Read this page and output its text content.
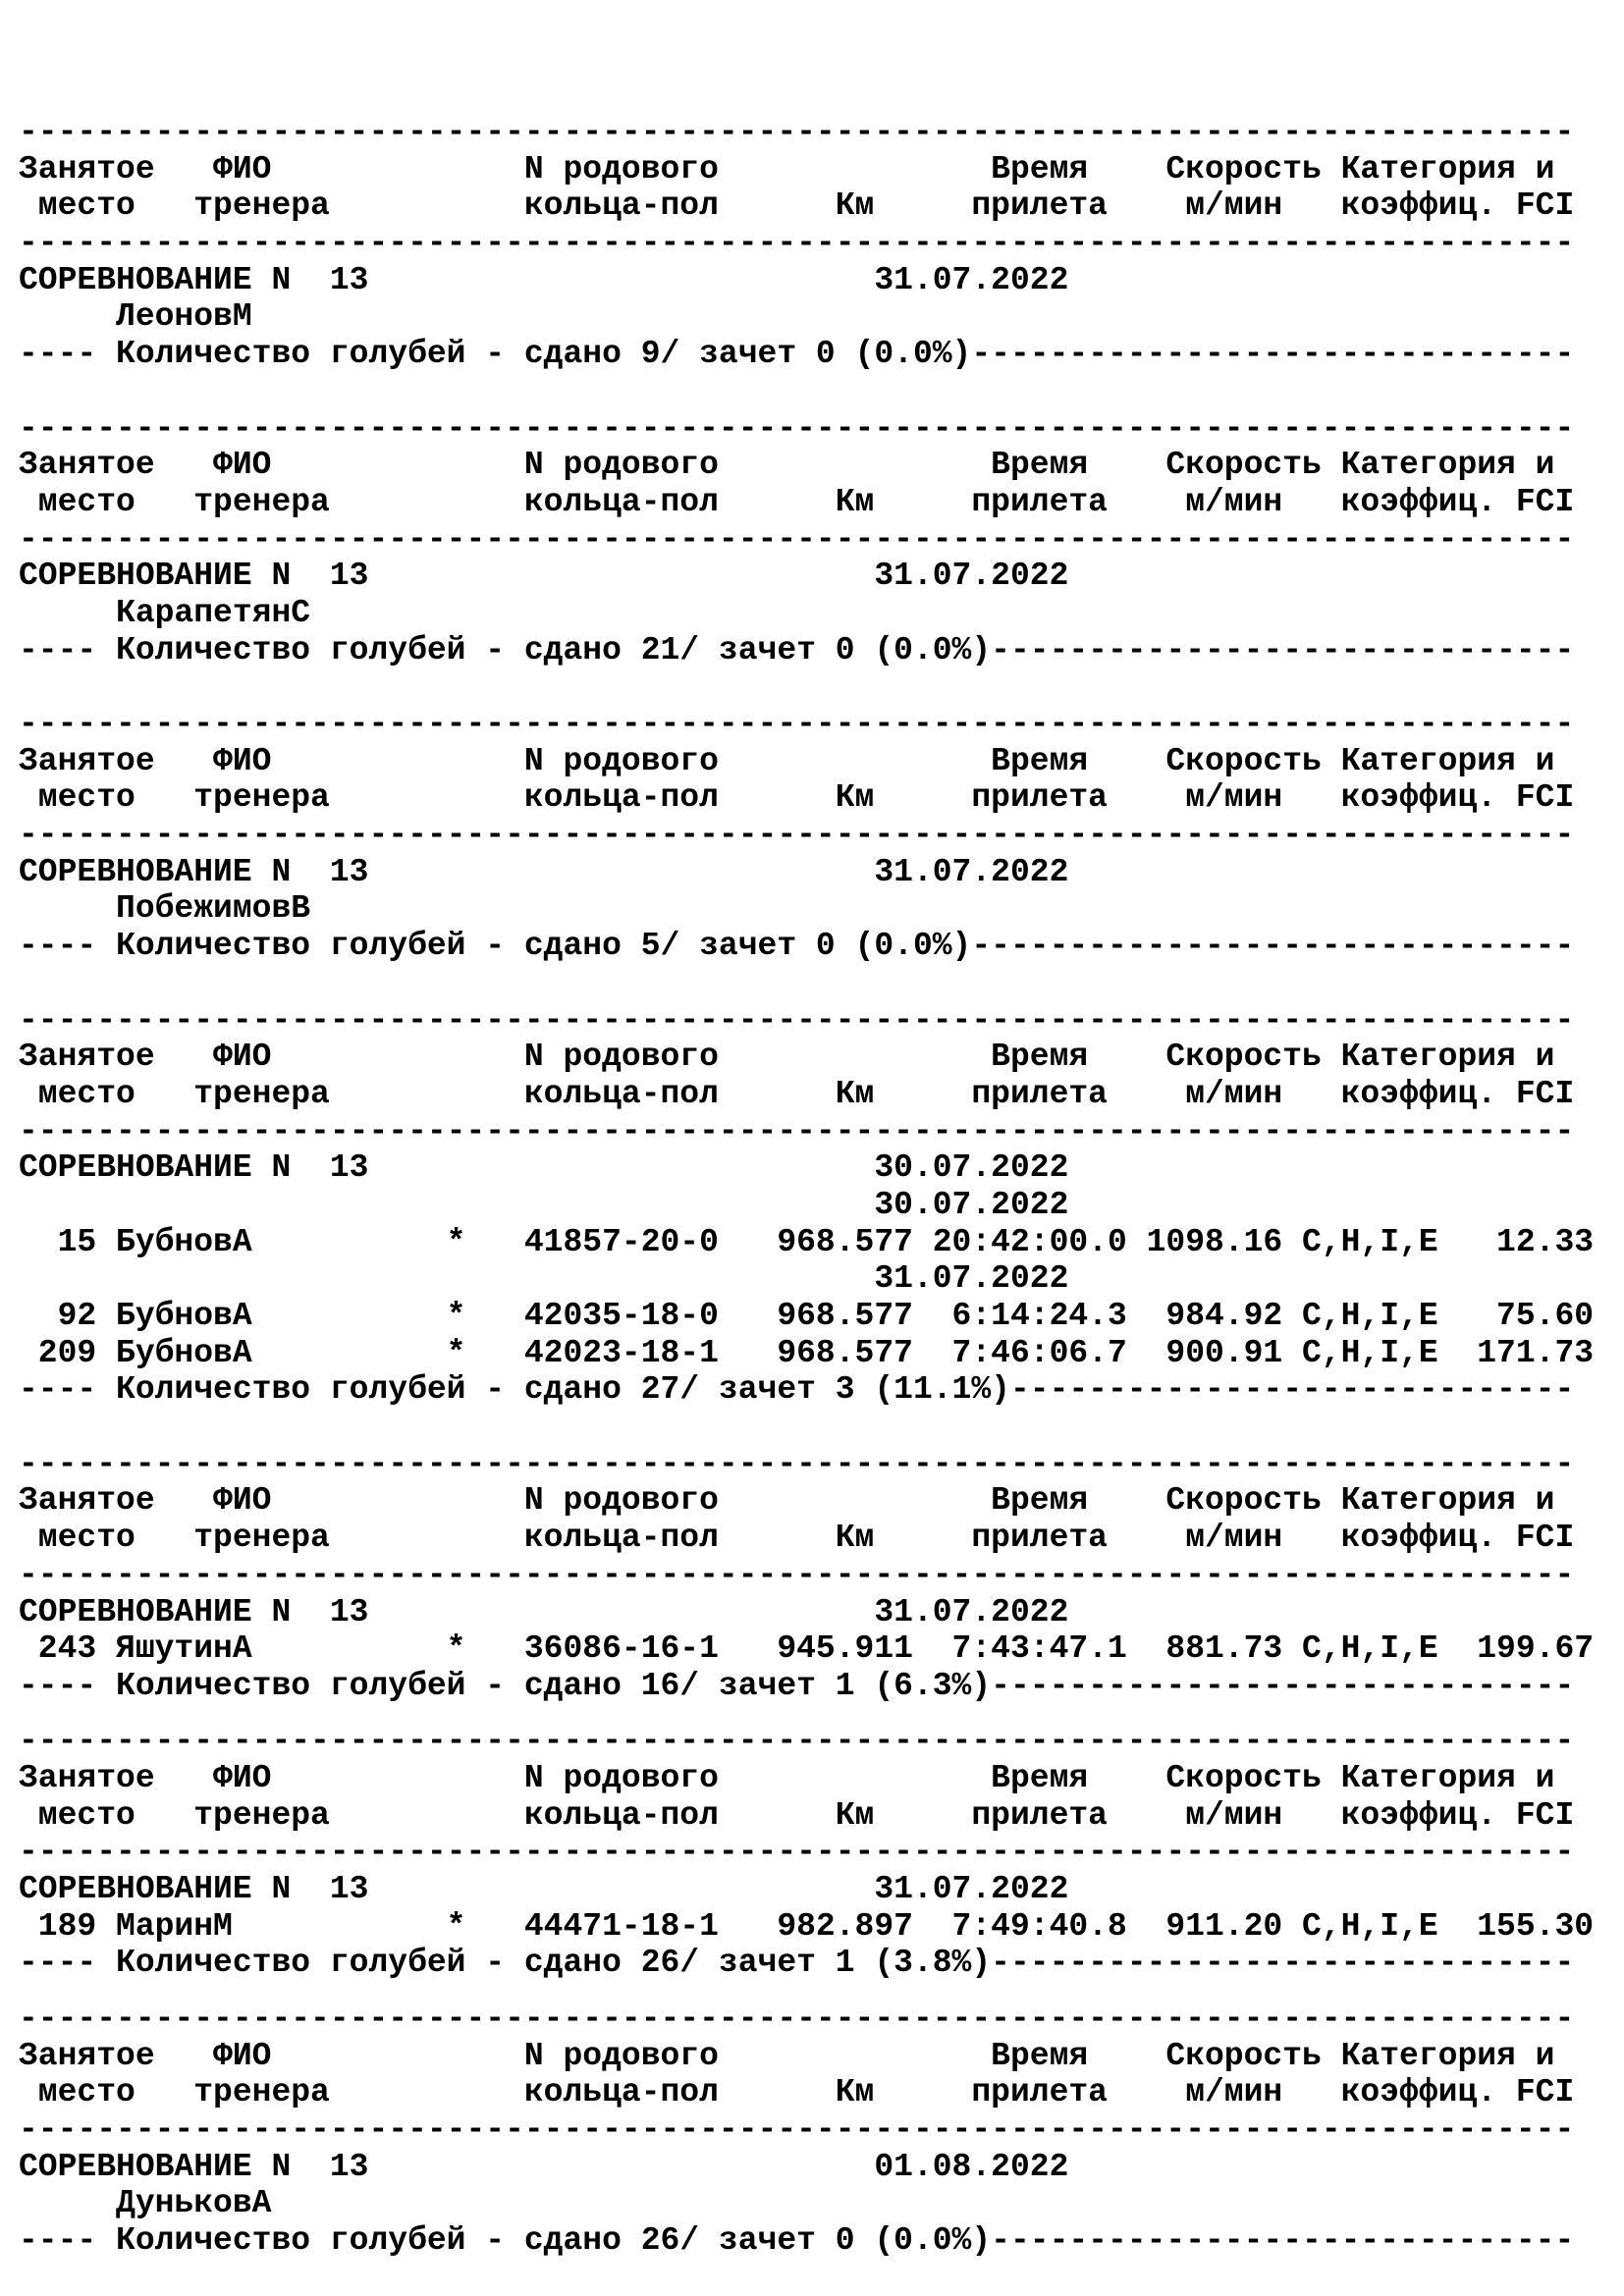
--------------------------------------------------------------------------------
Занятое   ФИО             N родового              Время    Скорость Категория и
место   тренера          кольца-пол      Км     прилета    м/мин   коэффиц. FCI
--------------------------------------------------------------------------------
СОРЕВНОВАНИЕ N  13                          31.07.2022
ЛеоновМ
---- Количество голубей - сдано 9/ зачет 0 (0.0%)-------------------------------
--------------------------------------------------------------------------------
Занятое   ФИО             N родового              Время    Скорость Категория и
место   тренера          кольца-пол      Км     прилета    м/мин   коэффиц. FCI
--------------------------------------------------------------------------------
СОРЕВНОВАНИЕ N  13                          31.07.2022
КарапетянС
---- Количество голубей - сдано 21/ зачет 0 (0.0%)------------------------------
--------------------------------------------------------------------------------
Занятое   ФИО             N родового              Время    Скорость Категория и
место   тренера          кольца-пол      Км     прилета    м/мин   коэффиц. FCI
--------------------------------------------------------------------------------
СОРЕВНОВАНИЕ N  13                          31.07.2022
ПобежимовВ
---- Количество голубей - сдано 5/ зачет 0 (0.0%)-------------------------------
--------------------------------------------------------------------------------
Занятое   ФИО             N родового              Время    Скорость Категория и
место   тренера          кольца-пол      Км     прилета    м/мин   коэффиц. FCI
--------------------------------------------------------------------------------
СОРЕВНОВАНИЕ N  13                          30.07.2022
30.07.2022
15 БубновА          *   41857-20-0   968.577 20:42:00.0 1098.16 C,H,I,E   12.33
31.07.2022
92 БубновА          *   42035-18-0   968.577  6:14:24.3  984.92 C,H,I,E   75.60
209 БубновА          *   42023-18-1   968.577  7:46:06.7  900.91 C,H,I,E  171.73
---- Количество голубей - сдано 27/ зачет 3 (11.1%)-----------------------------
--------------------------------------------------------------------------------
Занятое   ФИО             N родового              Время    Скорость Категория и
место   тренера          кольца-пол      Км     прилета    м/мин   коэффиц. FCI
--------------------------------------------------------------------------------
СОРЕВНОВАНИЕ N  13                          31.07.2022
243 ЯшутинА          *   36086-16-1   945.911  7:43:47.1  881.73 C,H,I,E  199.67
---- Количество голубей - сдано 16/ зачет 1 (6.3%)------------------------------
--------------------------------------------------------------------------------
Занятое   ФИО             N родового              Время    Скорость Категория и
место   тренера          кольца-пол      Км     прилета    м/мин   коэффиц. FCI
--------------------------------------------------------------------------------
СОРЕВНОВАНИЕ N  13                          31.07.2022
189 МаринМ           *   44471-18-1   982.897  7:49:40.8  911.20 C,H,I,E  155.30
---- Количество голубей - сдано 26/ зачет 1 (3.8%)------------------------------
--------------------------------------------------------------------------------
Занятое   ФИО             N родового              Время    Скорость Категория и
место   тренера          кольца-пол      Км     прилета    м/мин   коэффиц. FCI
--------------------------------------------------------------------------------
СОРЕВНОВАНИЕ N  13                          01.08.2022
ДуньковА
---- Количество голубей - сдано 26/ зачет 0 (0.0%)------------------------------
